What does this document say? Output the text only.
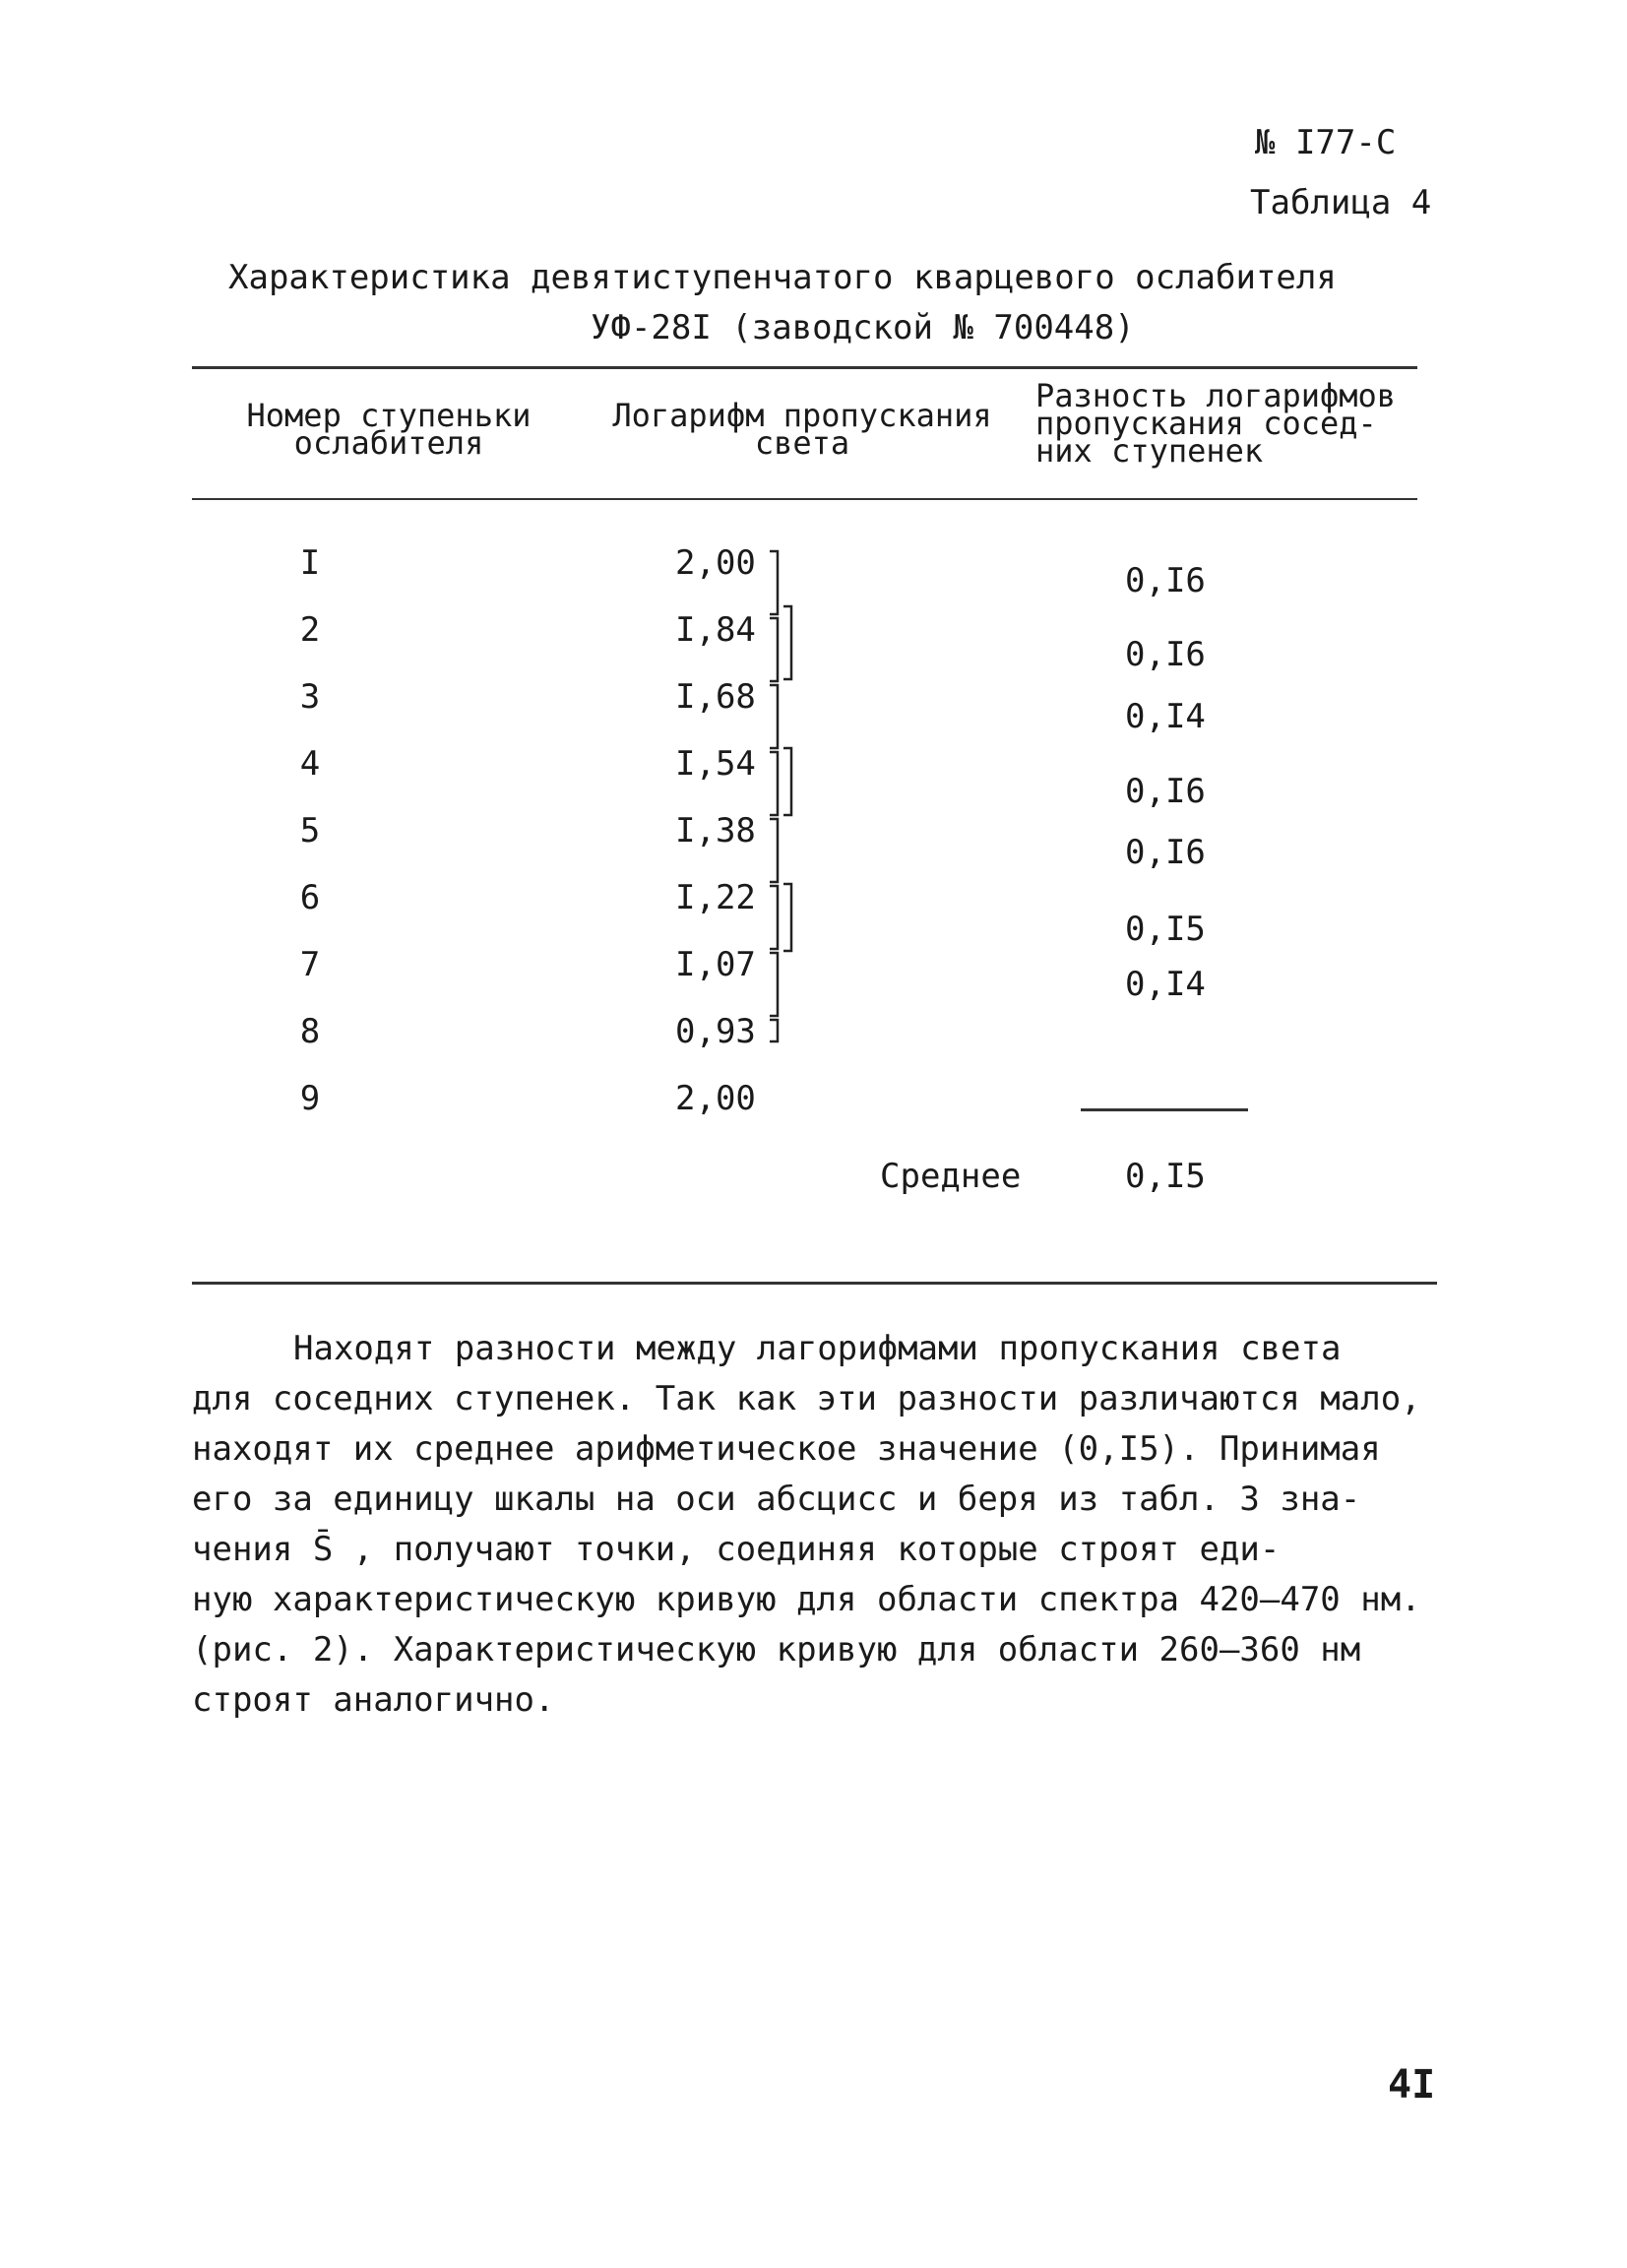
№ I77-С
Таблица 4
Характеристика девятиступенчатого кварцевого ослабителя
УФ-28I (заводской № 700448)
Номер ступеньки
ослабителя
Логарифм пропускания
света
Разность логарифмов
пропускания сосед-
них ступенек
I
2
3
4
5
6
7
8
9
2,00
I,84
I,68
I,54
I,38
I,22
I,07
0,93
2,00
0,I6
0,I6
0,I4
0,I6
0,I6
0,I5
0,I4
Среднее	0,I5
Находят разности между лагорифмами пропускания света
для соседних ступенек. Так как эти разности различаются мало,
находят их среднее арифметическое значение (0,I5). Принимая
его за единицу шкалы на оси абсцисс и беря из табл. 3 зна-
чения S̄ , получают точки, соединяя которые строят еди-
ную характеристическую кривую для области спектра 420–470 нм.
(рис. 2). Характеристическую кривую для области 260–360 нм
строят аналогично.
4I
